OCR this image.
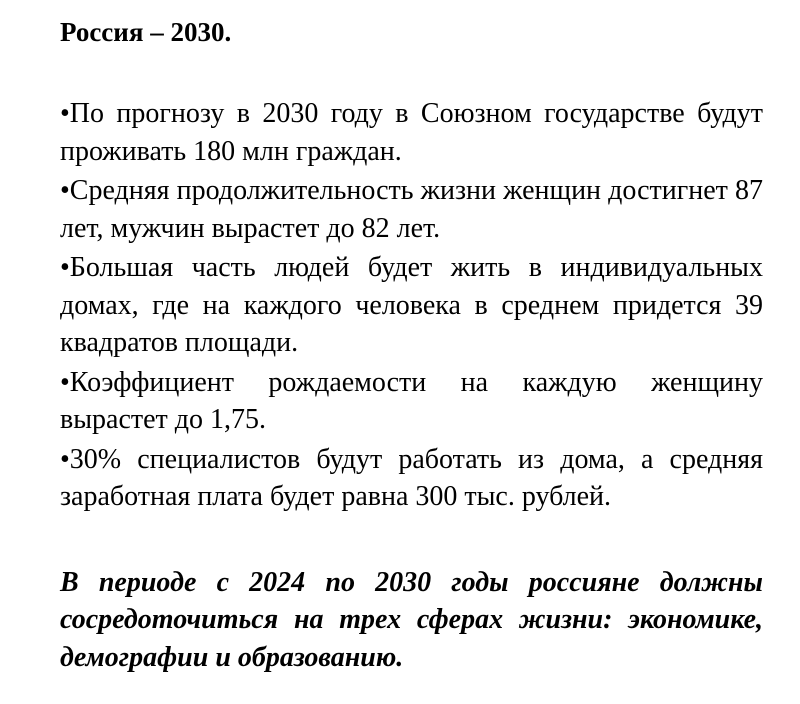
Россия – 2030.

•По прогнозу в 2030 году в Союзном государстве будут проживать 180 млн граждан.

•Средняя продолжительность жизни женщин достигнет 87 лет, мужчин вырастет до 82 лет.

•Большая часть людей будет жить в индивидуальных домах, где на каждого человека в среднем придется 39 квадратов площади.

•Коэффициент рождаемости на каждую женщину вырастет до 1,75.

•30% специалистов будут работать из дома, а средняя заработная плата будет равна 300 тыс. рублей.

В периоде с 2024 по 2030 годы россияне должны сосредоточиться на трех сферах жизни: экономике, демографии и образованию.
